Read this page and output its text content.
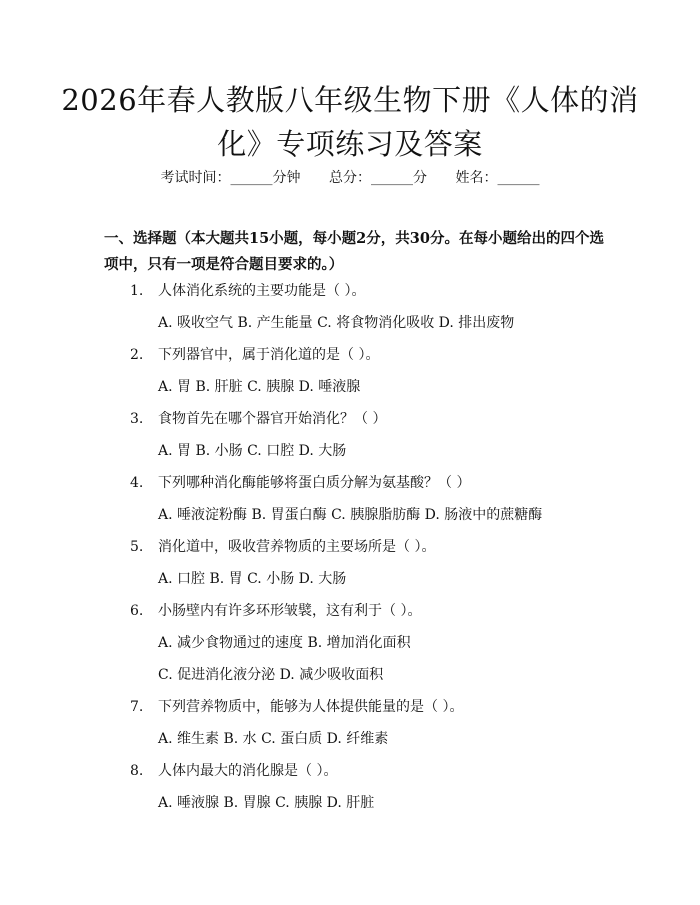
2026年春人教版八年级生物下册《人体的消
化》专项练习及答案
考试时间：______分钟 总分：______分 姓名：______

一、选择题（本大题共15小题，每小题2分，共30分。在每小题给出的四个选项中，只有一项是符合题目要求的。）

1. 人体消化系统的主要功能是（ ）。
A. 吸收空气 B. 产生能量 C. 将食物消化吸收 D. 排出废物
2. 下列器官中，属于消化道的是（ ）。
A. 胃 B. 肝脏 C. 胰腺 D. 唾液腺
3. 食物首先在哪个器官开始消化？（ ）
A. 胃 B. 小肠 C. 口腔 D. 大肠
4. 下列哪种消化酶能够将蛋白质分解为氨基酸？（ ）
A. 唾液淀粉酶 B. 胃蛋白酶 C. 胰腺脂肪酶 D. 肠液中的蔗糖酶
5. 消化道中，吸收营养物质的主要场所是（ ）。
A. 口腔 B. 胃 C. 小肠 D. 大肠
6. 小肠壁内有许多环形皱襞，这有利于（ ）。
A. 减少食物通过的速度 B. 增加消化面积
C. 促进消化液分泌 D. 减少吸收面积
7. 下列营养物质中，能够为人体提供能量的是（ ）。
A. 维生素 B. 水 C. 蛋白质 D. 纤维素
8. 人体内最大的消化腺是（ ）。
A. 唾液腺 B. 胃腺 C. 胰腺 D. 肝脏
